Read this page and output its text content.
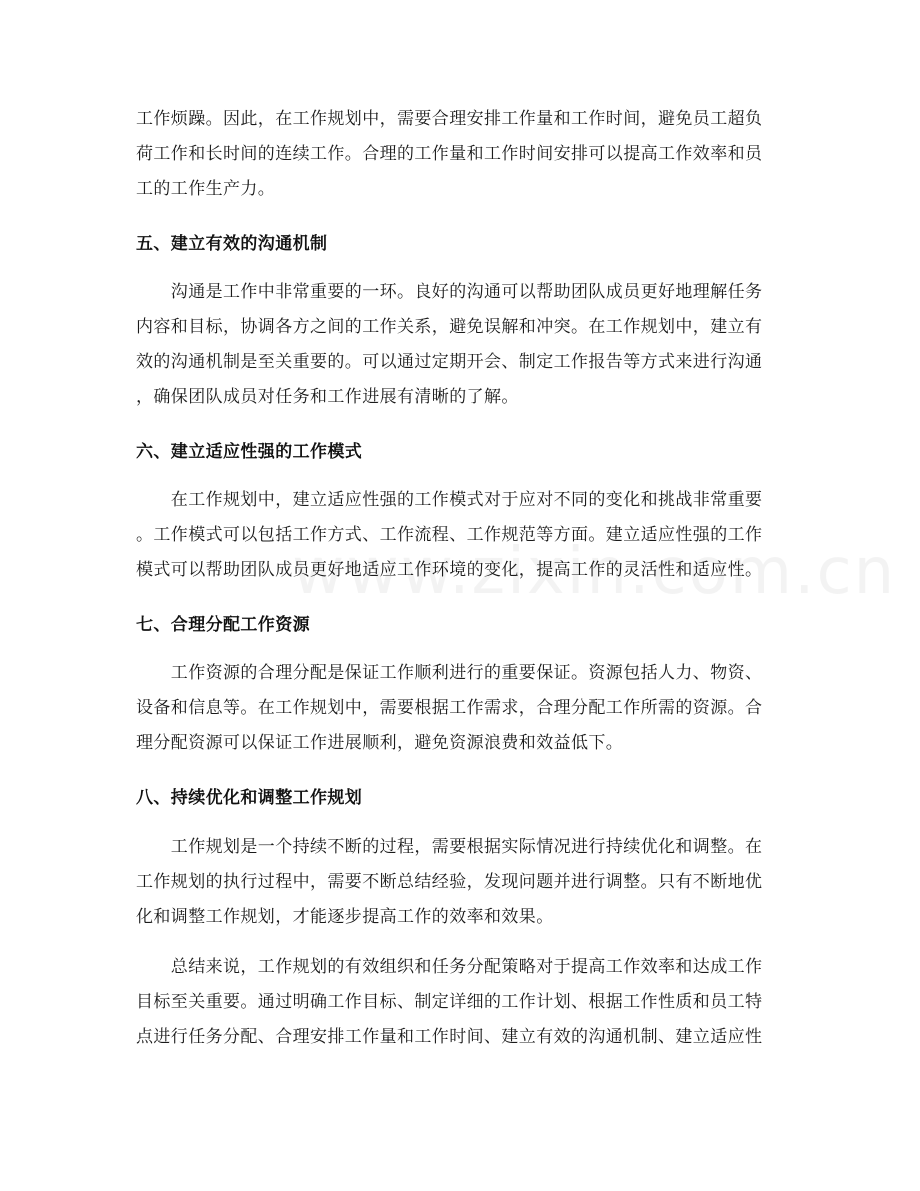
工作烦躁。因此，在工作规划中，需要合理安排工作量和工作时间，避免员工超负

荷工作和长时间的连续工作。合理的工作量和工作时间安排可以提高工作效率和员

工的工作生产力。

五、建立有效的沟通机制

　　沟通是工作中非常重要的一环。良好的沟通可以帮助团队成员更好地理解任务

内容和目标，协调各方之间的工作关系，避免误解和冲突。在工作规划中，建立有

效的沟通机制是至关重要的。可以通过定期开会、制定工作报告等方式来进行沟通

，确保团队成员对任务和工作进展有清晰的了解。

六、建立适应性强的工作模式

　　在工作规划中，建立适应性强的工作模式对于应对不同的变化和挑战非常重要

。工作模式可以包括工作方式、工作流程、工作规范等方面。建立适应性强的工作

模式可以帮助团队成员更好地适应工作环境的变化，提高工作的灵活性和适应性。

七、合理分配工作资源

　　工作资源的合理分配是保证工作顺利进行的重要保证。资源包括人力、物资、

设备和信息等。在工作规划中，需要根据工作需求，合理分配工作所需的资源。合

理分配资源可以保证工作进展顺利，避免资源浪费和效益低下。

八、持续优化和调整工作规划

　　工作规划是一个持续不断的过程，需要根据实际情况进行持续优化和调整。在

工作规划的执行过程中，需要不断总结经验，发现问题并进行调整。只有不断地优

化和调整工作规划，才能逐步提高工作的效率和效果。

　　总结来说，工作规划的有效组织和任务分配策略对于提高工作效率和达成工作

目标至关重要。通过明确工作目标、制定详细的工作计划、根据工作性质和员工特

点进行任务分配、合理安排工作量和工作时间、建立有效的沟通机制、建立适应性
